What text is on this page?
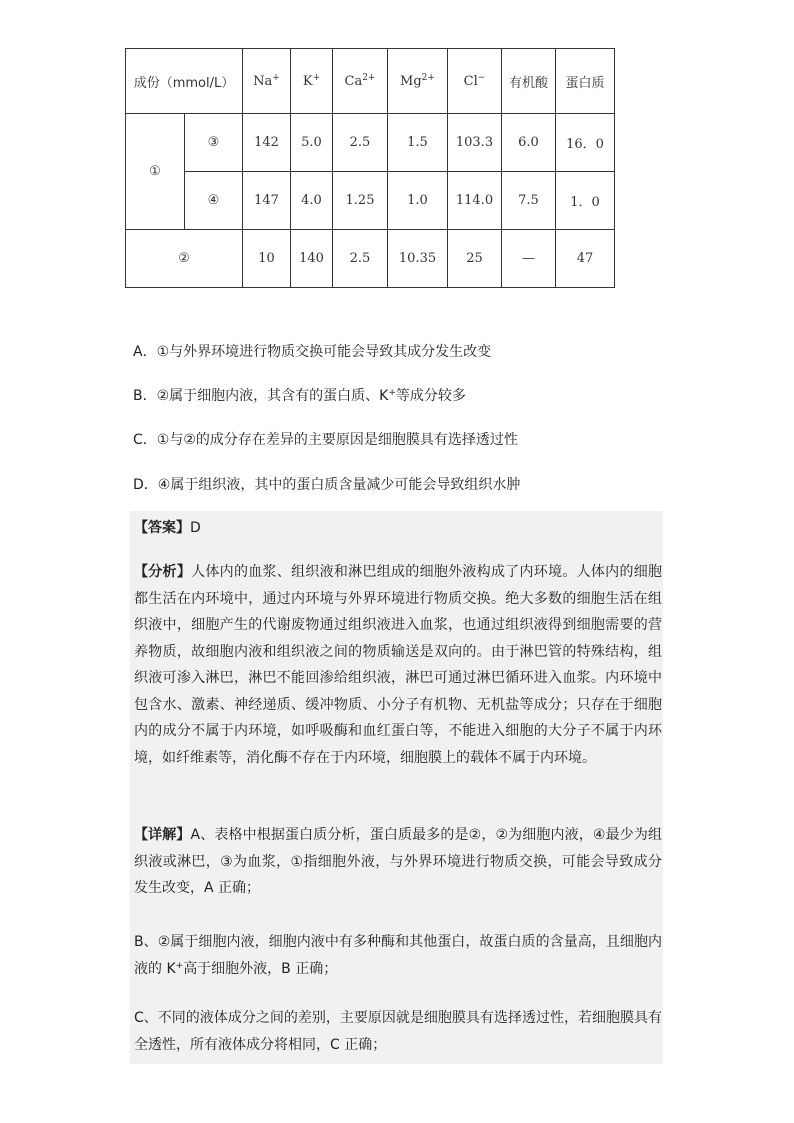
成份（mmol/L）		Na+	K+	$Ca^{2+}$	$Mg^{2+}$	Cl−	有机酸	蛋白质
①	③	142	5.0	2.5	1.5	103.3	6.0	16．0
	④	147	4.0	1.25	1.0	114.0	7.5	1．0
②		10	140	2.5	10.35	25	—	47
A．①与外界环境进行物质交换可能会导致其成分发生改变
B．②属于细胞内液，其含有的蛋白质、K+等成分较多
C．①与②的成分存在差异的主要原因是细胞膜具有选择透过性
D．④属于组织液，其中的蛋白质含量减少可能会导致组织水肿
【答案】D
【分析】人体内的血浆、组织液和淋巴组成的细胞外液构成了内环境。人体内的细胞都生活在内环境中，通过内环境与外界环境进行物质交换。绝大多数的细胞生活在组织液中，细胞产生的代谢废物通过组织液进入血浆，也通过组织液得到细胞需要的营养物质，故细胞内液和组织液之间的物质输送是双向的。由于淋巴管的特殊结构，组织液可渗入淋巴，淋巴不能回渗给组织液，淋巴可通过淋巴循环进入血浆。内环境中包含水、激素、神经递质、缓冲物质、小分子有机物、无机盐等成分；只存在于细胞内的成分不属于内环境，如呼吸酶和血红蛋白等，不能进入细胞的大分子不属于内环境，如纤维素等，消化酶不存在于内环境，细胞膜上的载体不属于内环境。
【详解】A、表格中根据蛋白质分析，蛋白质最多的是②，②为细胞内液，④最少为组织液或淋巴，③为血浆，①指细胞外液，与外界环境进行物质交换，可能会导致成分发生改变，A 正确；
B、②属于细胞内液，细胞内液中有多种酶和其他蛋白，故蛋白质的含量高，且细胞内液的 K+高于细胞外液，B 正确；
C、不同的液体成分之间的差别，主要原因就是细胞膜具有选择透过性，若细胞膜具有全透性，所有液体成分将相同，C 正确；
